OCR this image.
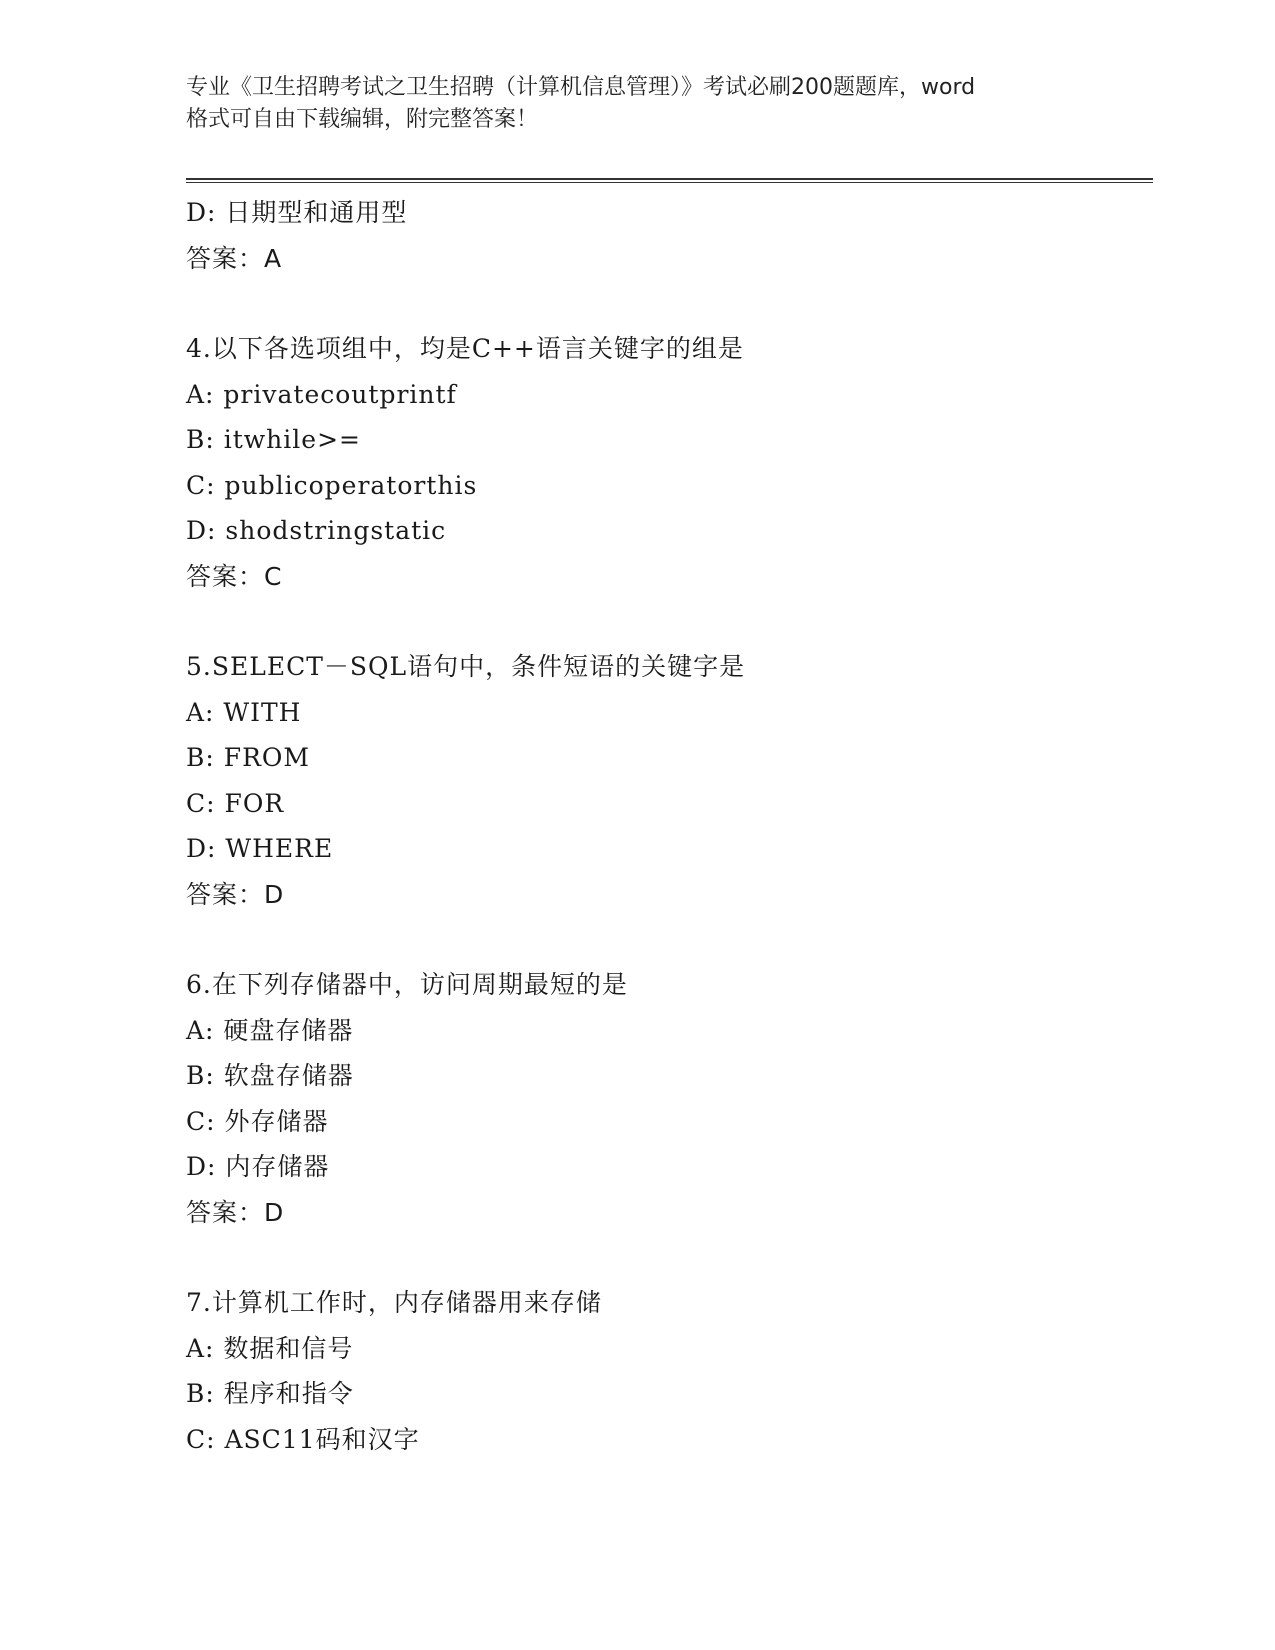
专业《卫生招聘考试之卫生招聘（计算机信息管理）》考试必刷200题题库，word
格式可自由下载编辑，附完整答案！
D: 日期型和通用型
答案：A
4.以下各选项组中，均是C++语言关键字的组是
A: privatecoutprintf
B: itwhile>=
C: publicoperatorthis
D: shodstringstatic
答案：C
5.SELECT－SQL语句中，条件短语的关键字是
A: WITH
B: FROM
C: FOR
D: WHERE
答案：D
6.在下列存储器中，访问周期最短的是
A: 硬盘存储器
B: 软盘存储器
C: 外存储器
D: 内存储器
答案：D
7.计算机工作时，内存储器用来存储
A: 数据和信号
B: 程序和指令
C: ASC11码和汉字
